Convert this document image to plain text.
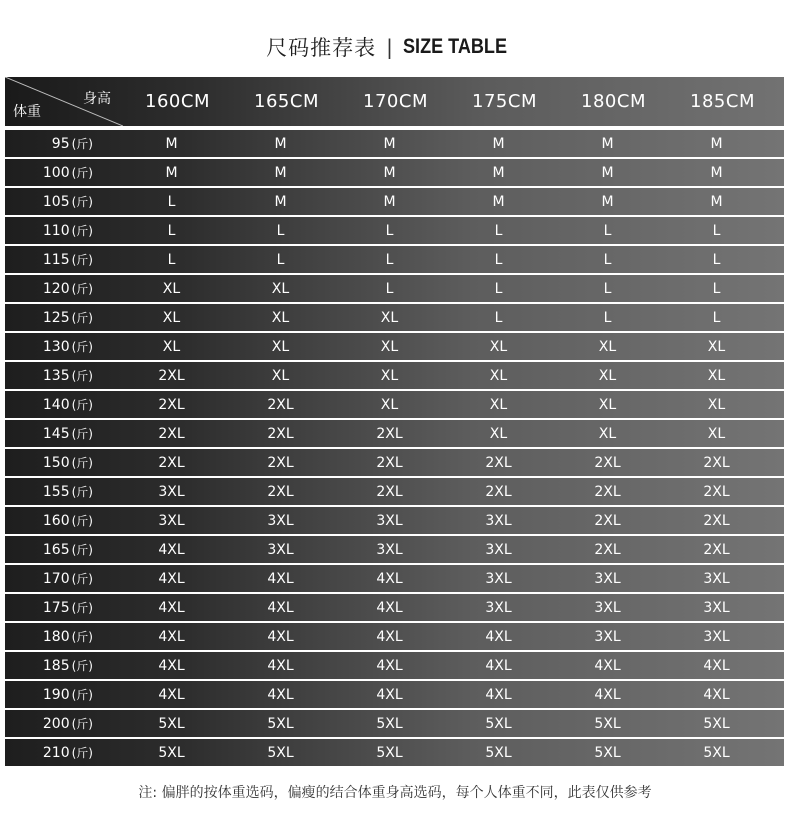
尺码推荐表 | SIZE TABLE
身高
体重	160CM	165CM	170CM	175CM	180CM	185CM
95 (斤)	M	M	M	M	M	M
100 (斤)	M	M	M	M	M	M
105 (斤)	L	M	M	M	M	M
110 (斤)	L	L	L	L	L	L
115 (斤)	L	L	L	L	L	L
120 (斤)	XL	XL	L	L	L	L
125 (斤)	XL	XL	XL	L	L	L
130 (斤)	XL	XL	XL	XL	XL	XL
135 (斤)	2XL	XL	XL	XL	XL	XL
140 (斤)	2XL	2XL	XL	XL	XL	XL
145 (斤)	2XL	2XL	2XL	XL	XL	XL
150 (斤)	2XL	2XL	2XL	2XL	2XL	2XL
155 (斤)	3XL	2XL	2XL	2XL	2XL	2XL
160 (斤)	3XL	3XL	3XL	3XL	2XL	2XL
165 (斤)	4XL	3XL	3XL	3XL	2XL	2XL
170 (斤)	4XL	4XL	4XL	3XL	3XL	3XL
175 (斤)	4XL	4XL	4XL	3XL	3XL	3XL
180 (斤)	4XL	4XL	4XL	4XL	3XL	3XL
185 (斤)	4XL	4XL	4XL	4XL	4XL	4XL
190 (斤)	4XL	4XL	4XL	4XL	4XL	4XL
200 (斤)	5XL	5XL	5XL	5XL	5XL	5XL
210 (斤)	5XL	5XL	5XL	5XL	5XL	5XL
注: 偏胖的按体重选码，偏瘦的结合体重身高选码，每个人体重不同，此表仅供参考
